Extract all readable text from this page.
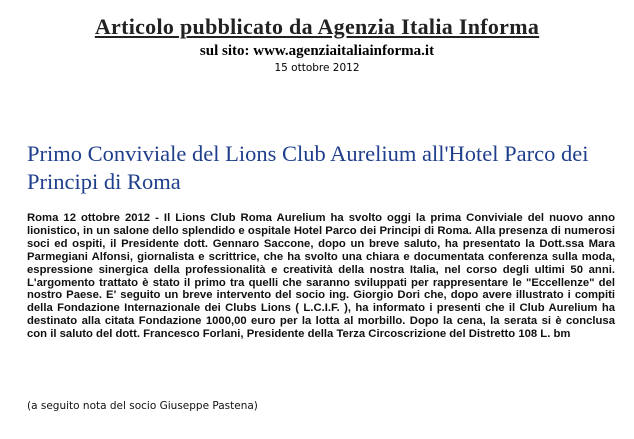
Articolo pubblicato da Agenzia Italia Informa
sul sito: www.agenziaitaliainforma.it
15 ottobre 2012
Primo Conviviale del Lions Club Aurelium all'Hotel Parco dei Principi di Roma

Roma 12 ottobre 2012 - Il Lions Club Roma Aurelium ha svolto oggi la prima Conviviale del nuovo anno lionistico, in un salone dello splendido e ospitale Hotel Parco dei Principi di Roma. Alla presenza di numerosi soci ed ospiti, il Presidente dott. Gennaro Saccone, dopo un breve saluto, ha presentato la Dott.ssa Mara Parmegiani Alfonsi, giornalista e scrittrice, che ha svolto una chiara e documentata conferenza sulla moda, espressione sinergica della professionalità e creatività della nostra Italia, nel corso degli ultimi 50 anni. L'argomento trattato è stato il primo tra quelli che saranno sviluppati per rappresentare le "Eccellenze" del nostro Paese. E' seguito un breve intervento del socio ing. Giorgio Dori che, dopo avere illustrato i compiti della Fondazione Internazionale dei Clubs Lions ( L.C.I.F. ), ha informato i presenti che il Club Aurelium ha destinato alla citata Fondazione 1000,00 euro per la lotta al morbillo. Dopo la cena, la serata si è conclusa con il saluto del dott. Francesco Forlani, Presidente della Terza Circoscrizione del Distretto 108 L. bm

(a seguito nota del socio Giuseppe Pastena)
